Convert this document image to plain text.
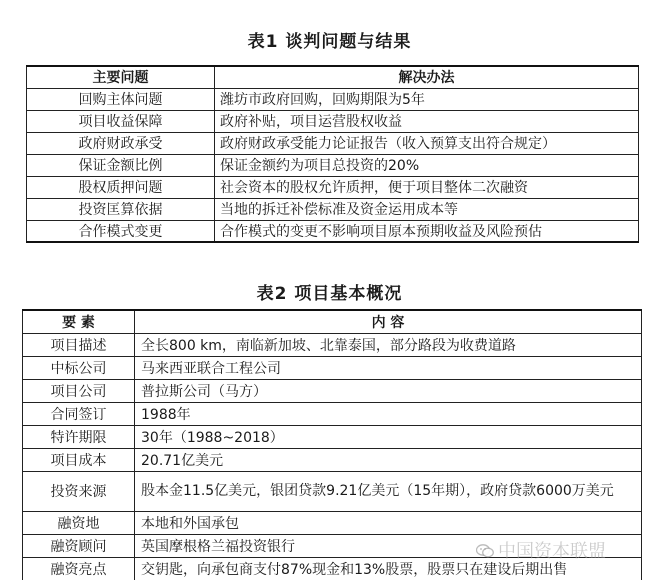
表1 谈判问题与结果
主要问题	解决办法
回购主体问题	潍坊市政府回购，回购期限为5年
项目收益保障	政府补贴，项目运营股权收益
政府财政承受	政府财政承受能力论证报告（收入预算支出符合规定）
保证金额比例	保证金额约为项目总投资的20%
股权质押问题	社会资本的股权允许质押，便于项目整体二次融资
投资匡算依据	当地的拆迁补偿标准及资金运用成本等
合作模式变更	合作模式的变更不影响项目原本预期收益及风险预估
表2 项目基本概况
要 素	内 容
项目描述	全长800 km，南临新加坡、北靠泰国，部分路段为收费道路
中标公司	马来西亚联合工程公司
项目公司	普拉斯公司（马方）
合同签订	1988年
特许期限	30年（1988~2018）
项目成本	20.71亿美元
投资来源	股本金11.5亿美元，银团贷款9.21亿美元（15年期），政府贷款6000万美元
融资地	本地和外国承包
融资顾问	英国摩根格兰福投资银行
融资亮点	交钥匙，向承包商支付87%现金和13%股票，股票只在建设后期出售
中国资本联盟
